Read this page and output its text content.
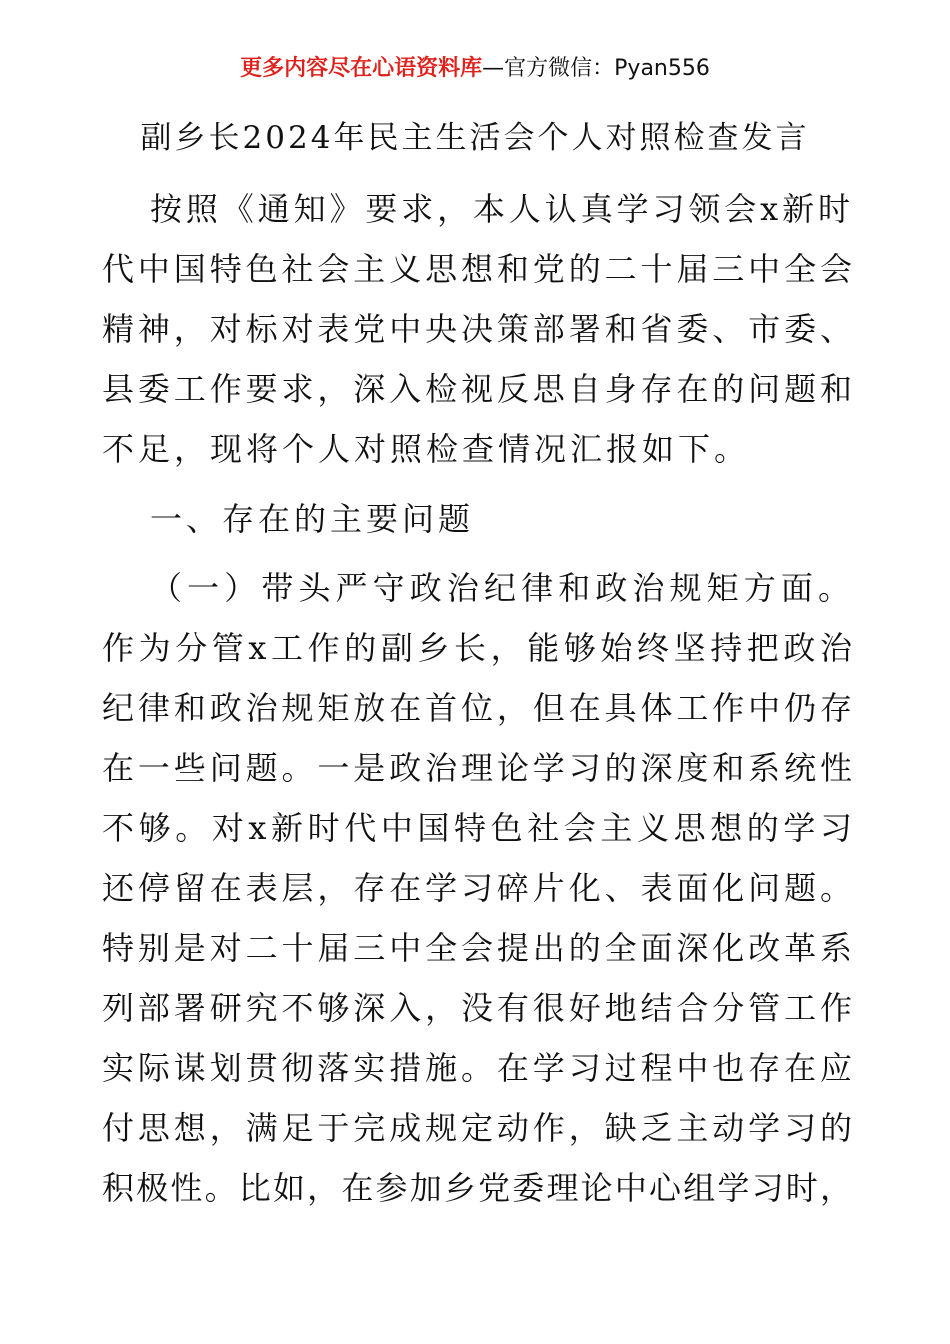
更多内容尽在心语资料库—官方微信：Pyan556
副乡长2024年民主生活会个人对照检查发言
按照《通知》要求，本人认真学习领会x新时
代中国特色社会主义思想和党的二十届三中全会
精神，对标对表党中央决策部署和省委、市委、
县委工作要求，深入检视反思自身存在的问题和
不足，现将个人对照检查情况汇报如下。
一、存在的主要问题
（一）带头严守政治纪律和政治规矩方面。
作为分管x工作的副乡长，能够始终坚持把政治
纪律和政治规矩放在首位，但在具体工作中仍存
在一些问题。一是政治理论学习的深度和系统性
不够。对x新时代中国特色社会主义思想的学习
还停留在表层，存在学习碎片化、表面化问题。
特别是对二十届三中全会提出的全面深化改革系
列部署研究不够深入，没有很好地结合分管工作
实际谋划贯彻落实措施。在学习过程中也存在应
付思想，满足于完成规定动作，缺乏主动学习的
积极性。比如，在参加乡党委理论中心组学习时，
